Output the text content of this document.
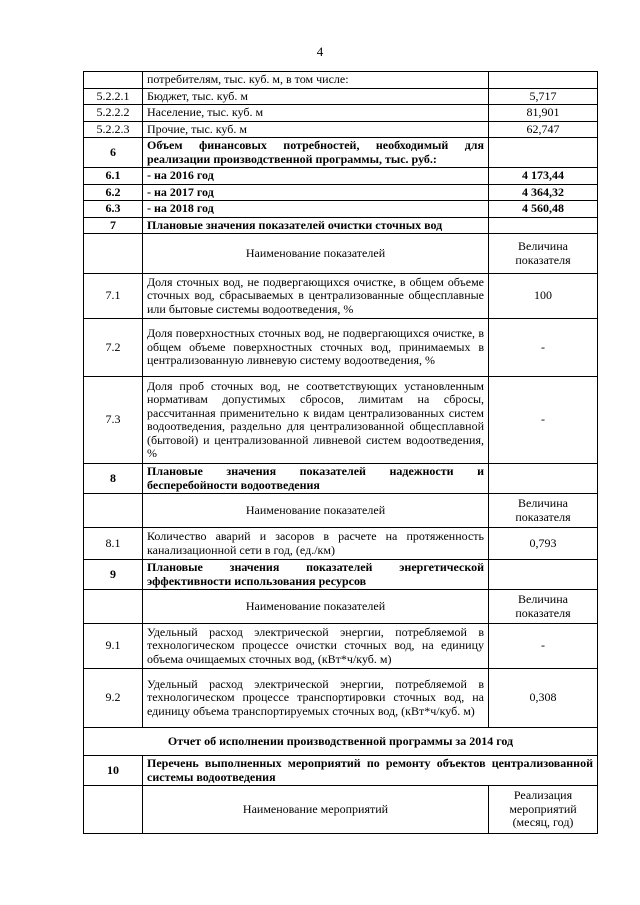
4
	потребителям, тыс. куб. м, в том числе:	
5.2.2.1	Бюджет, тыс. куб. м	5,717
5.2.2.2	Население, тыс. куб. м	81,901
5.2.2.3	Прочие, тыс. куб. м	62,747
6	Объем финансовых потребностей, необходимый для реализации производственной программы, тыс. руб.:	
6.1	- на 2016 год	4 173,44
6.2	- на 2017 год	4 364,32
6.3	- на 2018 год	4 560,48
7	Плановые значения показателей очистки сточных вод	
	Наименование показателей	Величина показателя
7.1	Доля сточных вод, не подвергающихся очистке, в общем объеме сточных вод, сбрасываемых в централизованные общесплавные или бытовые системы водоотведения, %	100
7.2	Доля поверхностных сточных вод, не подвергающихся очистке, в общем объеме поверхностных сточных вод, принимаемых в централизованную ливневую систему водоотведения, %	-
7.3	Доля проб сточных вод, не соответствующих установленным нормативам допустимых сбросов, лимитам на сбросы, рассчитанная применительно к видам централизованных систем водоотведения, раздельно для централизованной общесплавной (бытовой) и централизованной ливневой систем водоотведения, %	-
8	Плановые значения показателей надежности и бесперебойности водоотведения	
	Наименование показателей	Величина показателя
8.1	Количество аварий и засоров в расчете на протяженность канализационной сети в год, (ед./км)	0,793
9	Плановые значения показателей энергетической эффективности использования ресурсов	
	Наименование показателей	Величина показателя
9.1	Удельный расход электрической энергии, потребляемой в технологическом процессе очистки сточных вод, на единицу объема очищаемых сточных вод, (кВт*ч/куб. м)	-
9.2	Удельный расход электрической энергии, потребляемой в технологическом процессе транспортировки сточных вод, на единицу объема транспортируемых сточных вод, (кВт*ч/куб. м)	0,308
Отчет об исполнении производственной программы за 2014 год		
10	Перечень выполненных мероприятий по ремонту объектов централизованной системы водоотведения	
	Наименование мероприятий	Реализация мероприятий (месяц, год)
